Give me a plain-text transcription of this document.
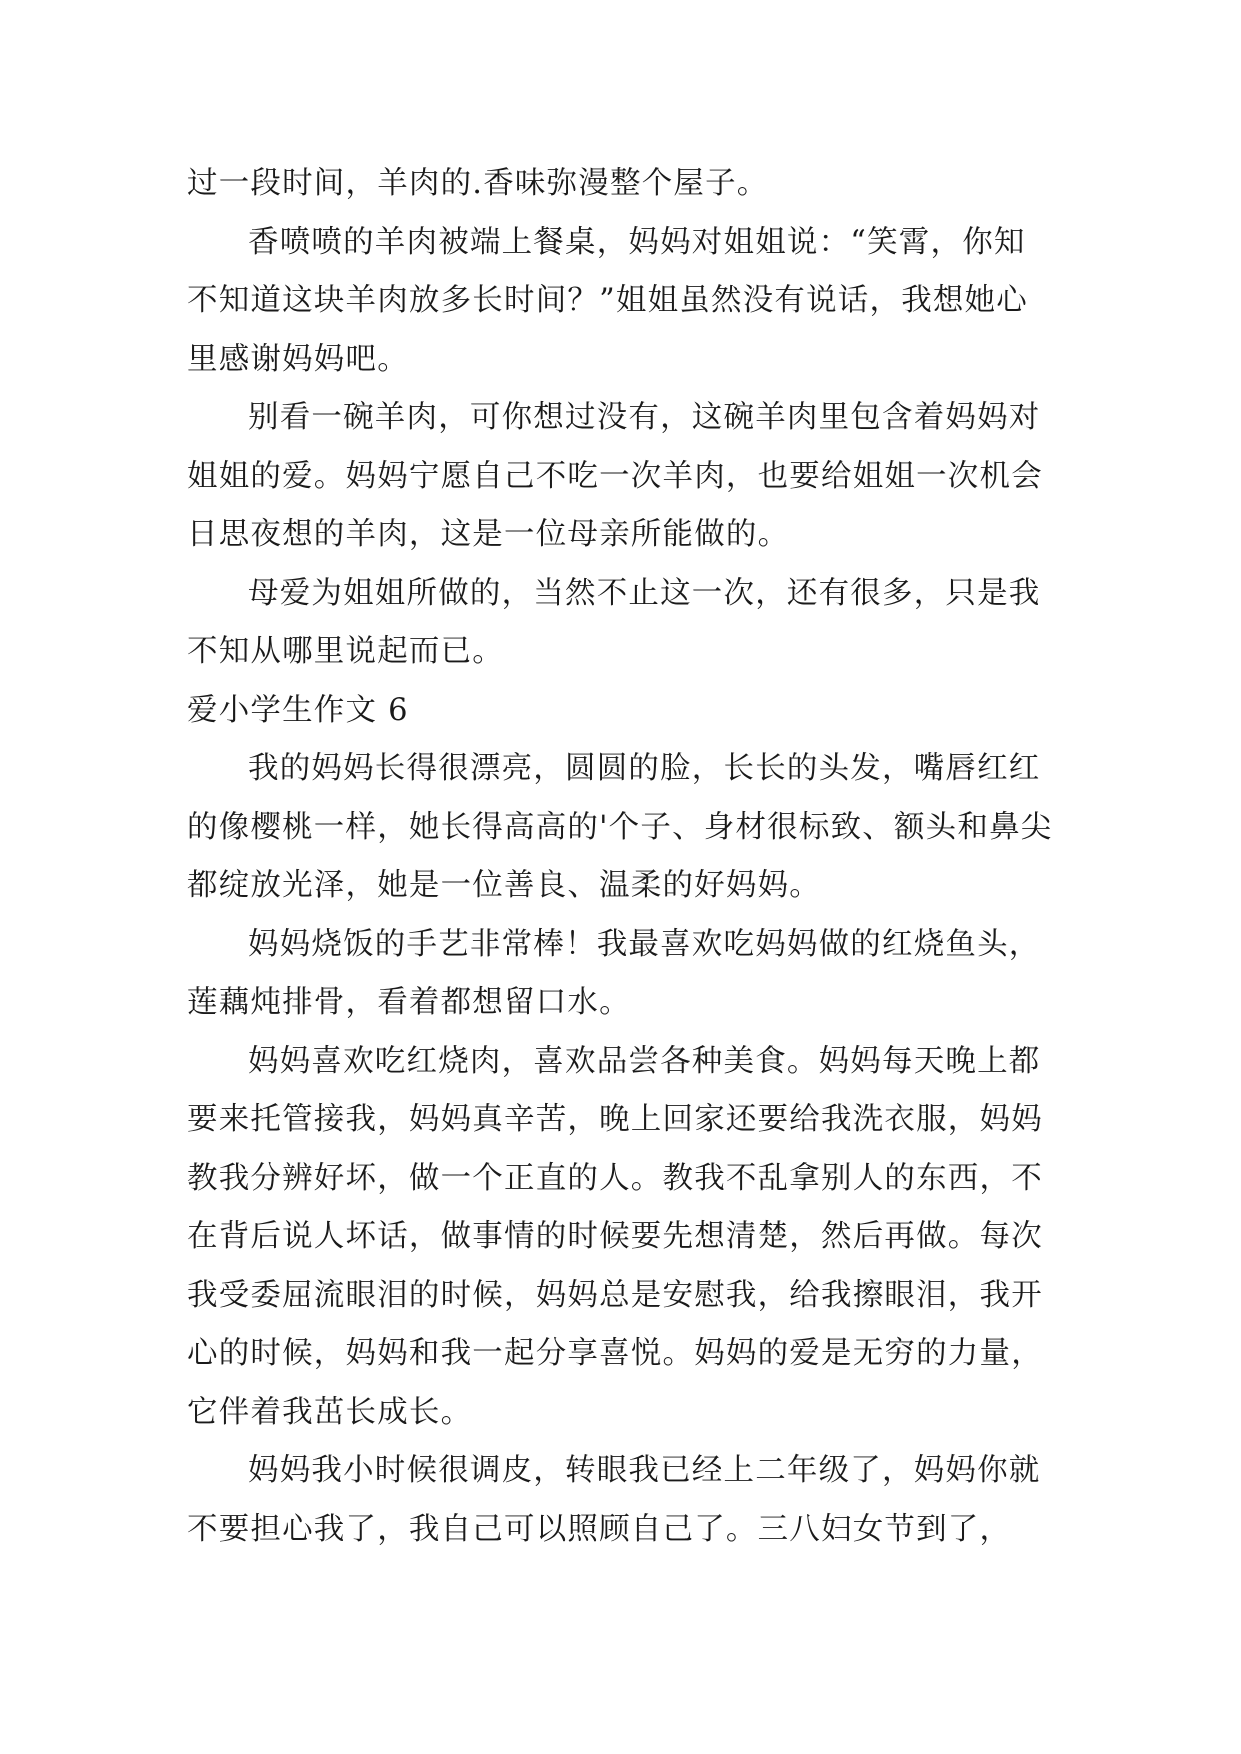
过一段时间，羊肉的.香味弥漫整个屋子。

香喷喷的羊肉被端上餐桌，妈妈对姐姐说：“笑霄，你知不知道这块羊肉放多长时间？”姐姐虽然没有说话，我想她心里感谢妈妈吧。

别看一碗羊肉，可你想过没有，这碗羊肉里包含着妈妈对姐姐的爱。妈妈宁愿自己不吃一次羊肉，也要给姐姐一次机会日思夜想的羊肉，这是一位母亲所能做的。

母爱为姐姐所做的，当然不止这一次，还有很多，只是我不知从哪里说起而已。

爱小学生作文 6

我的妈妈长得很漂亮，圆圆的脸，长长的头发，嘴唇红红的像樱桃一样，她长得高高的'个子、身材很标致、额头和鼻尖都绽放光泽，她是一位善良、温柔的好妈妈。

妈妈烧饭的手艺非常棒！我最喜欢吃妈妈做的红烧鱼头，莲藕炖排骨，看着都想留口水。

妈妈喜欢吃红烧肉，喜欢品尝各种美食。妈妈每天晚上都要来托管接我，妈妈真辛苦，晚上回家还要给我洗衣服，妈妈教我分辨好坏，做一个正直的人。教我不乱拿别人的东西，不在背后说人坏话，做事情的时候要先想清楚，然后再做。每次我受委屈流眼泪的时候，妈妈总是安慰我，给我擦眼泪，我开心的时候，妈妈和我一起分享喜悦。妈妈的爱是无穷的力量，它伴着我茁长成长。

妈妈我小时候很调皮，转眼我已经上二年级了，妈妈你就不要担心我了，我自己可以照顾自己了。三八妇女节到了，
